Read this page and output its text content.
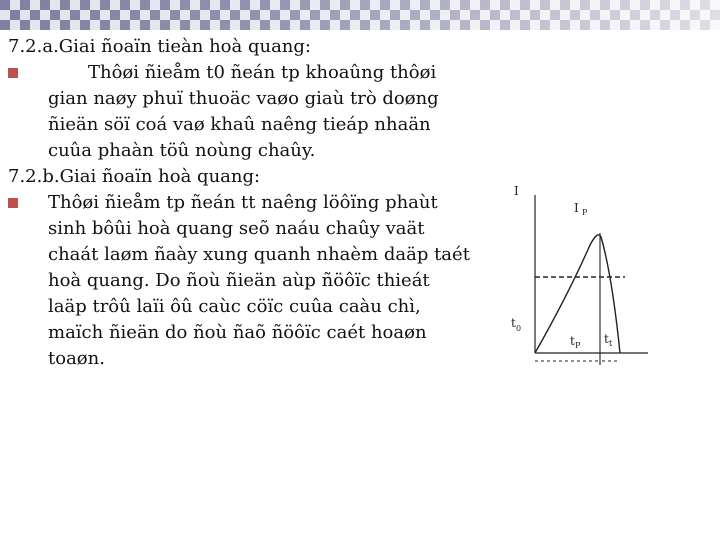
7.2.a.Giai ñoaïn tieàn hoà quang:
Thôøi ñieåm t0 ñeán tp khoaûng thôøi
gian naøy phuï thuoäc vaøo giaù trò doøng
ñieän söï coá vaø khaû naêng tieáp nhaän
cuûa phaàn töû noùng chaûy.
7.2.b.Giai ñoaïn hoà quang:
Thôøi ñieåm tp ñeán tt naêng löôïng phaùt
sinh bôûi hoà quang seõ naáu chaûy vaät
chaát laøm ñaày xung quanh nhaèm daäp taét
hoà quang. Do ñoù ñieän aùp ñöôïc thieát
laäp trôû laïi ôû caùc cöïc cuûa caàu chì,
maïch ñieän do ñoù ñaõ ñöôïc caét hoaøn
toaøn.
I
I P
t 0
t P t t
